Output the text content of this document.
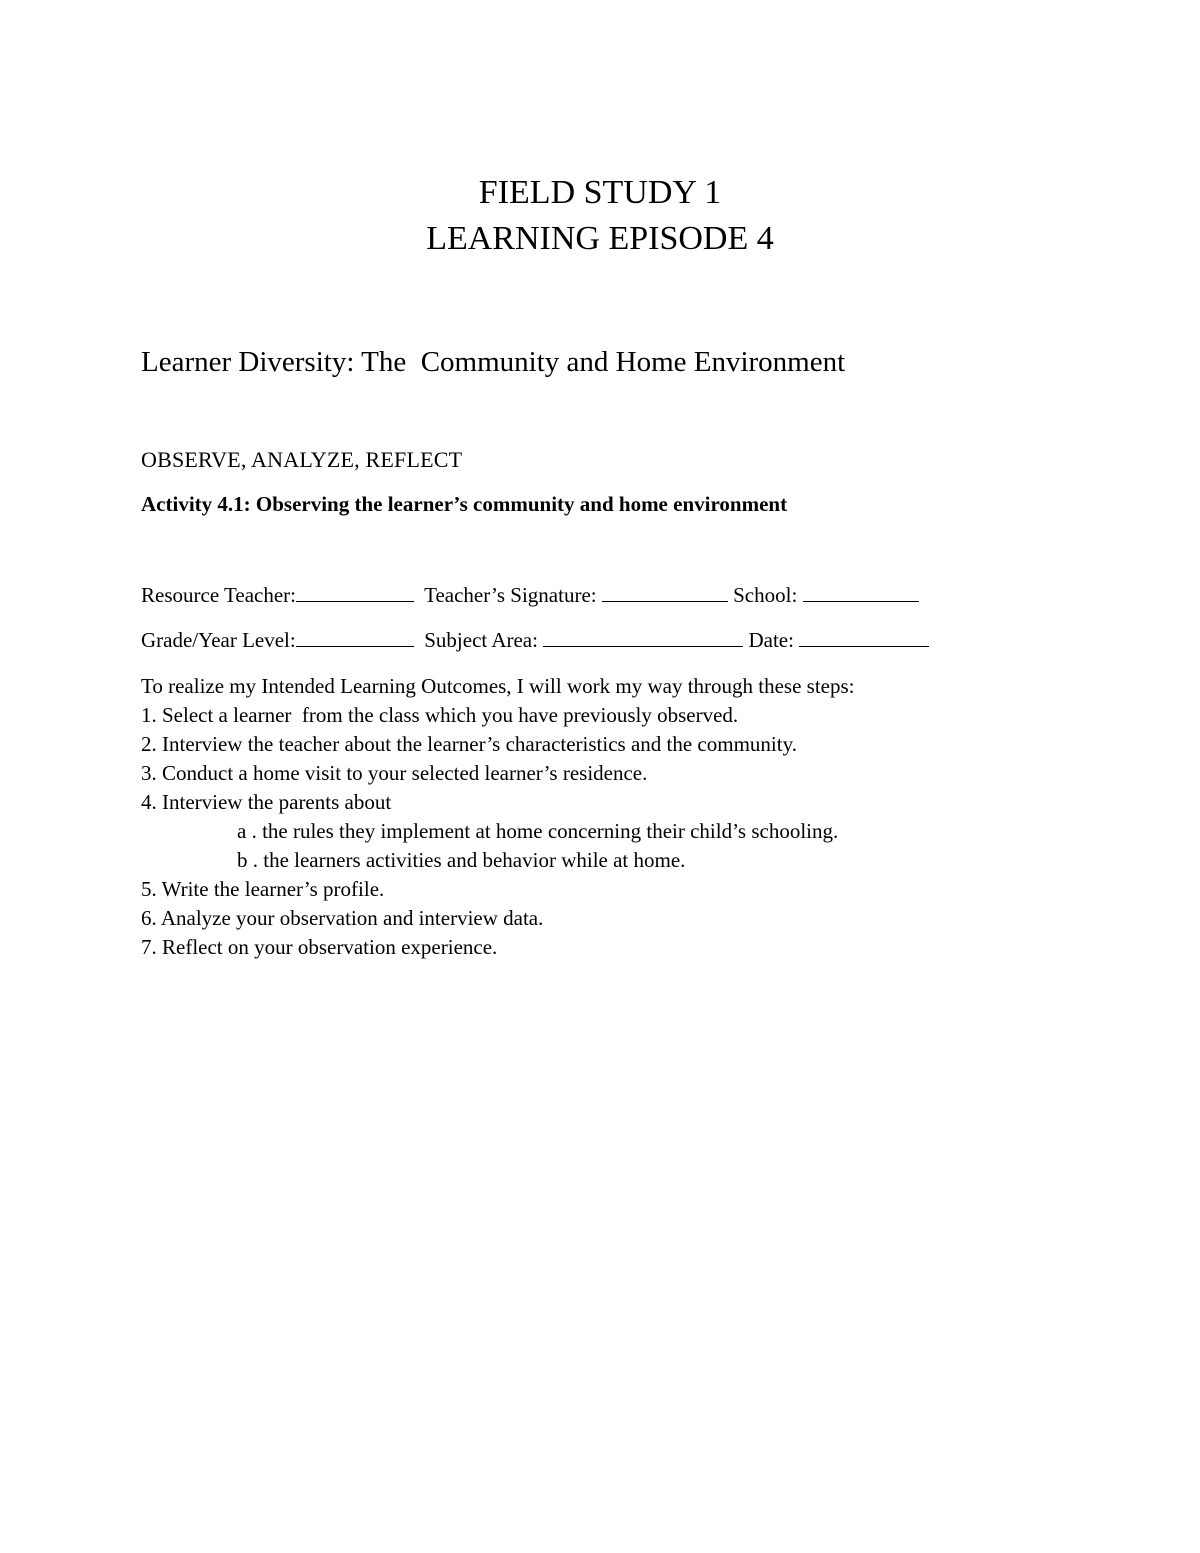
FIELD STUDY 1
LEARNING EPISODE 4
Learner Diversity: The  Community and Home Environment
OBSERVE, ANALYZE, REFLECT
Activity 4.1: Observing the learner’s community and home environment
Resource Teacher:	Teacher’s Signature:	School:
Grade/Year Level:	Subject Area:	Date:
To realize my Intended Learning Outcomes, I will work my way through these steps:
1. Select a learner  from the class which you have previously observed.
2. Interview the teacher about the learner’s characteristics and the community.
3. Conduct a home visit to your selected learner’s residence.
4. Interview the parents about
a . the rules they implement at home concerning their child’s schooling.
b . the learners activities and behavior while at home.
5. Write the learner’s profile.
6. Analyze your observation and interview data.
7. Reflect on your observation experience.
